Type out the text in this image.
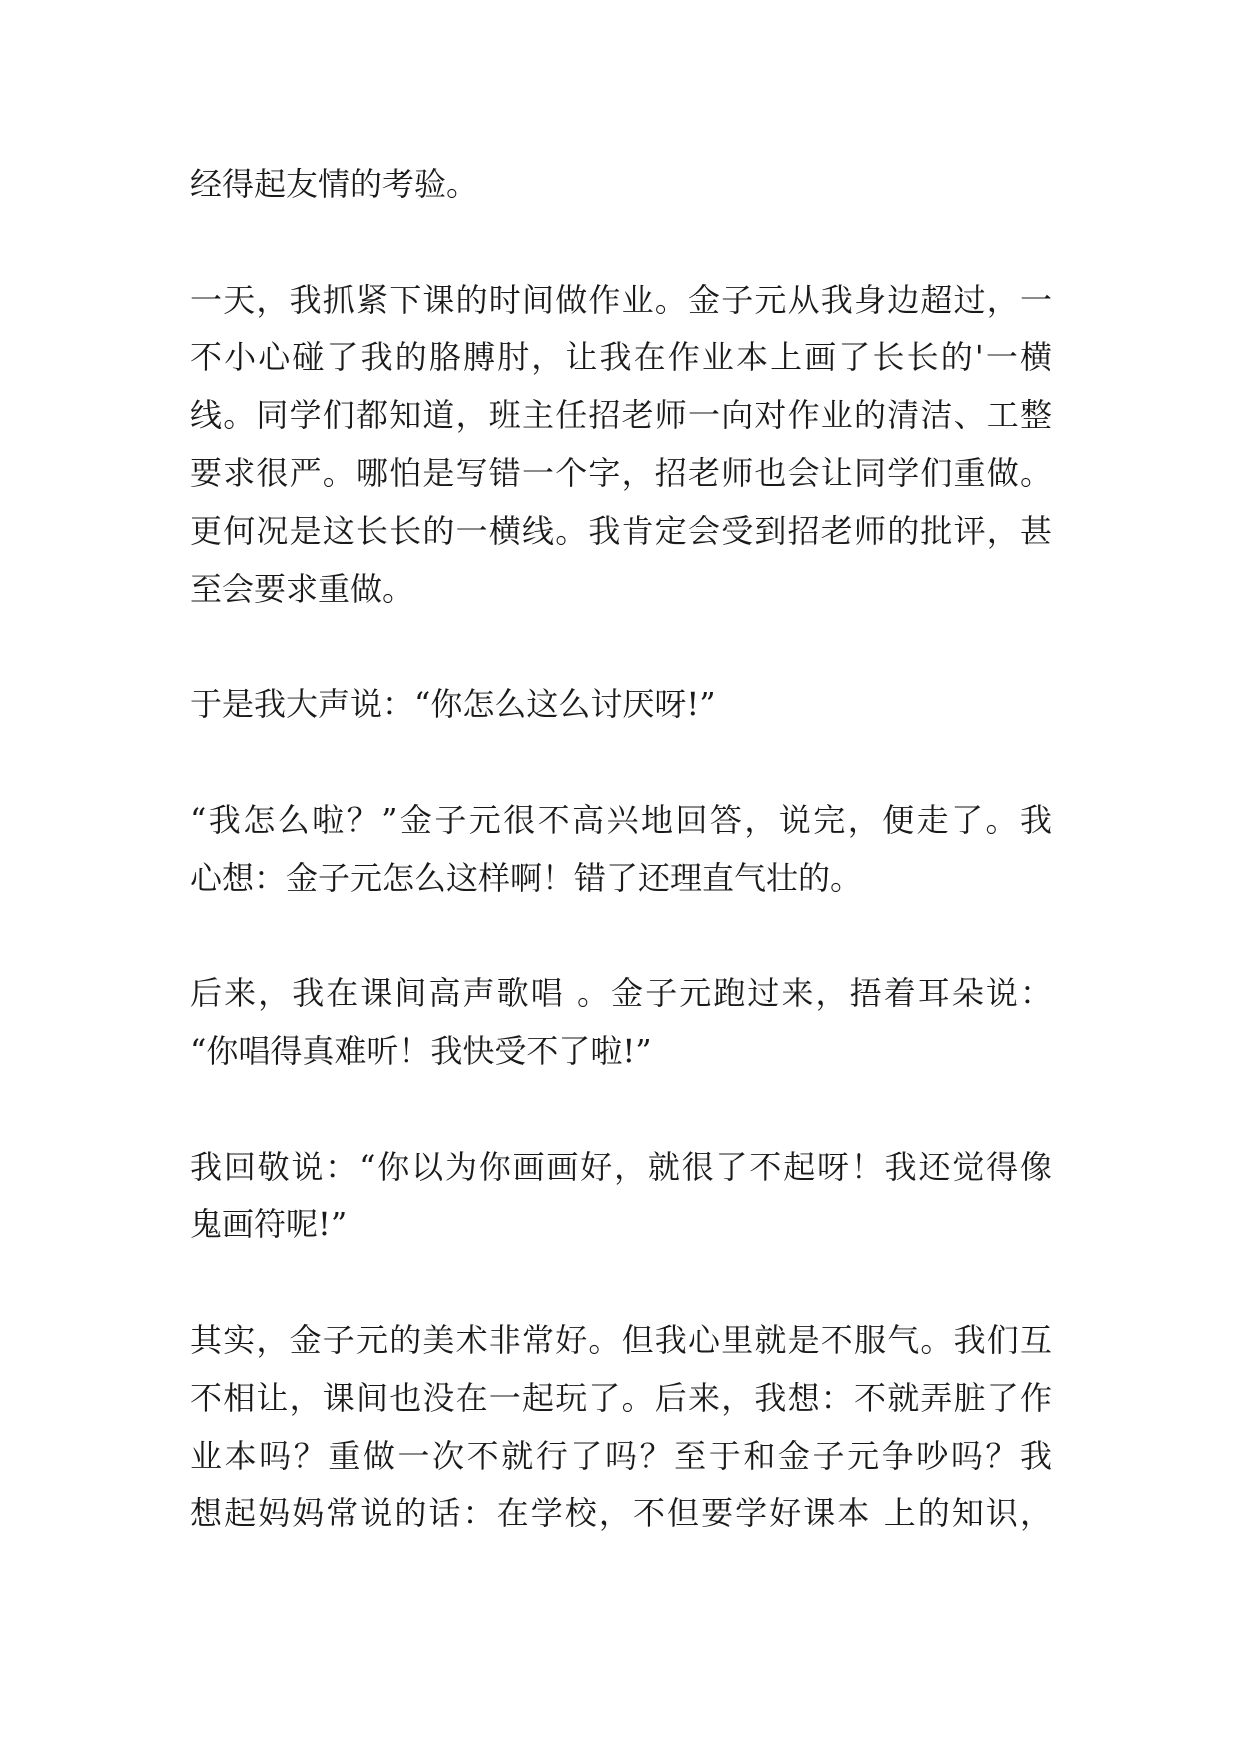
经得起友情的考验。
一天，我抓紧下课的时间做作业。金子元从我身边超过，一
不小心碰了我的胳膊肘，让我在作业本上画了长长的'一横
线。同学们都知道，班主任招老师一向对作业的清洁、工整
要求很严。哪怕是写错一个字，招老师也会让同学们重做。
更何况是这长长的一横线。我肯定会受到招老师的批评，甚
至会要求重做。
于是我大声说：“你怎么这么讨厌呀!”
“我怎么啦？”金子元很不高兴地回答，说完，便走了。我
心想：金子元怎么这样啊！错了还理直气壮的。
后来，我在课间高声歌唱 。金子元跑过来，捂着耳朵说：
“你唱得真难听！我快受不了啦!”
我回敬说：“你以为你画画好，就很了不起呀！我还觉得像
鬼画符呢!”
其实，金子元的美术非常好。但我心里就是不服气。我们互
不相让，课间也没在一起玩了。后来，我想：不就弄脏了作
业本吗？重做一次不就行了吗？至于和金子元争吵吗？我
想起妈妈常说的话：在学校，不但要学好课本 上的知识，
